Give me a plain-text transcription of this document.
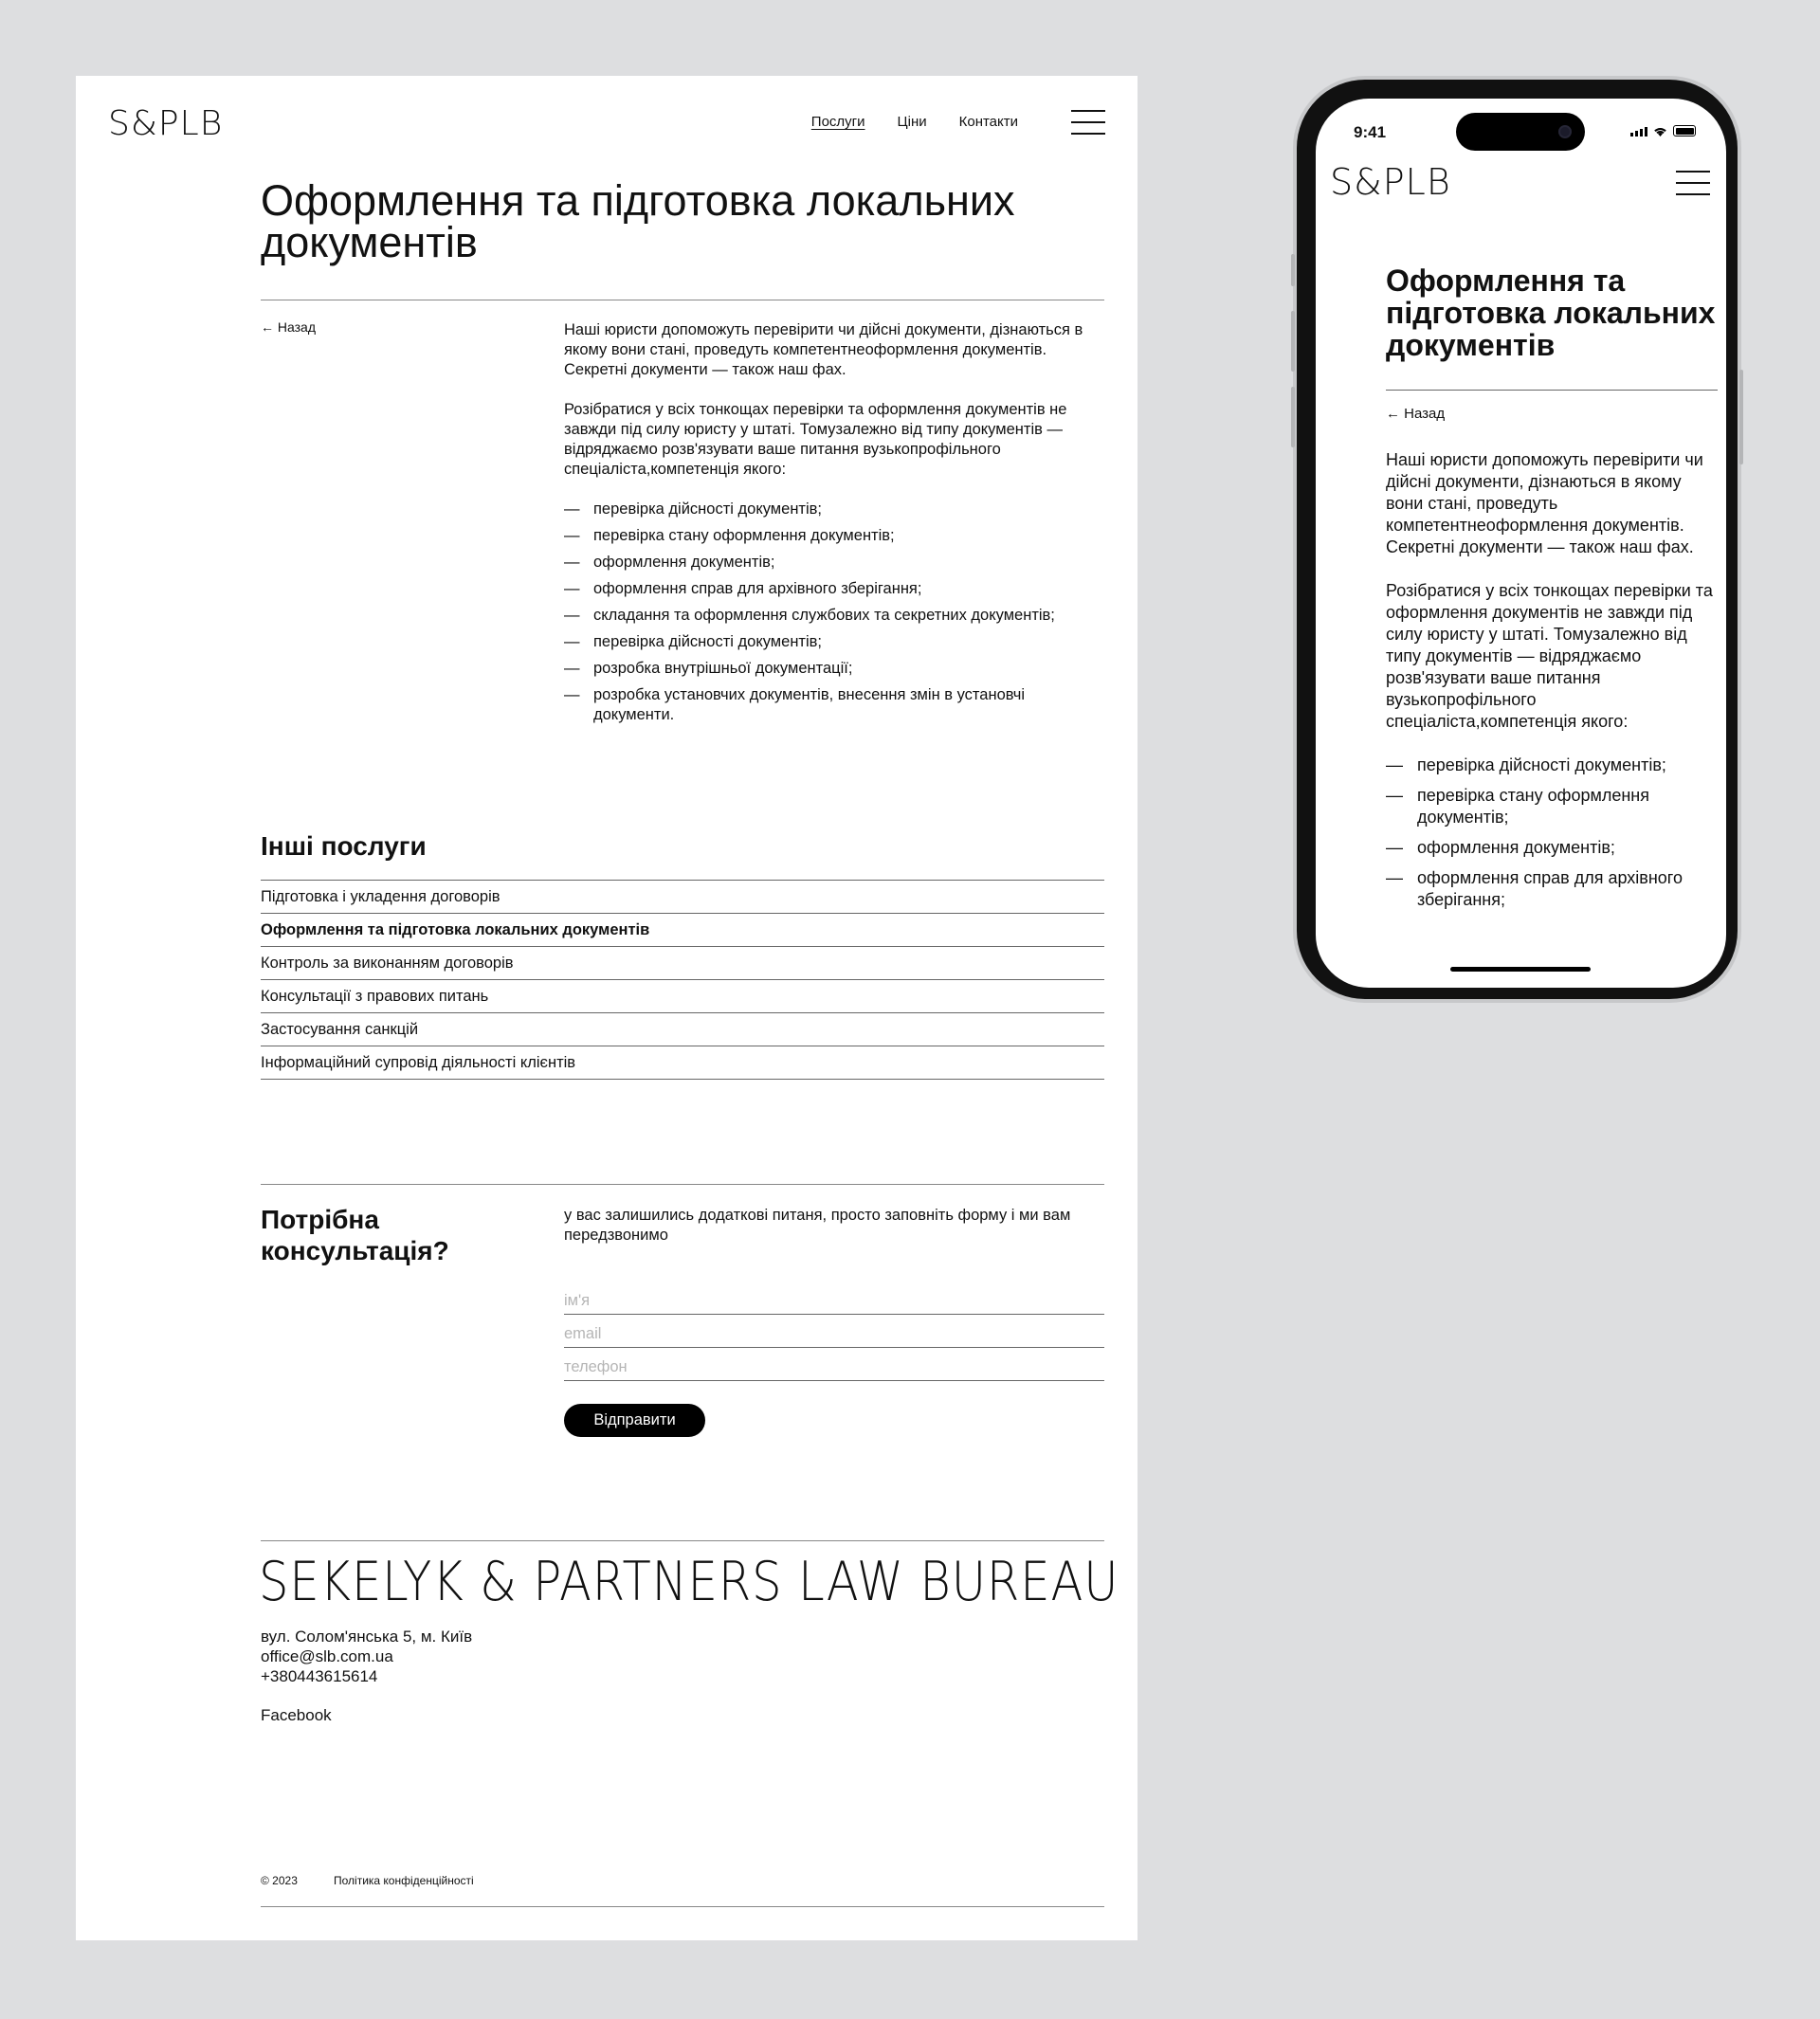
S&PLB	Послуги Ціни Контакти
Оформлення та підготовка локальних документів
← Назад	Наші юристи допоможуть перевірити чи дійсні документи, дізнаються в якому вони стані, проведуть компетентнеоформлення документів. Секретні документи — також наш фах.

Розібратися у всіх тонкощах перевірки та оформлення документів не завжди під силу юристу у штаті. Томузалежно від типу документів — відряджаємо розв'язувати ваше питання вузькопрофільного спеціаліста,компетенція якого:

— перевірка дійсності документів;
— перевірка стану оформлення документів;
— оформлення документів;
— оформлення справ для архівного зберігання;
— складання та оформлення службових та секретних документів;
— перевірка дійсності документів;
— розробка внутрішньої документації;
— розробка установчих документів, внесення змін в установчі документи.
Інші послуги
Підготовка і укладення договорів
Оформлення та підготовка локальних документів
Контроль за виконанням договорів
Консультації з правових питань
Застосування санкцій
Інформаційний супровід діяльності клієнтів
Потрібна консультація?
у вас залишились додаткові питаня, просто заповніть форму і ми вам передзвонимо
ім'я
email
телефон
Відправити
SEKELYK & PARTNERS LAW BUREAU
вул. Солом'янська 5, м. Київ
office@slb.com.ua
+380443615614
Facebook
© 2023	Політика конфіденційності
9:41
S&PLB
Оформлення та підготовка локальних документів
← Назад

Наші юристи допоможуть перевірити чи дійсні документи, дізнаються в якому вони стані, проведуть компетентнеоформлення документів. Секретні документи — також наш фах.

Розібратися у всіх тонкощах перевірки та оформлення документів не завжди під силу юристу у штаті. Томузалежно від типу документів — відряджаємо розв'язувати ваше питання вузькопрофільного спеціаліста,компетенція якого:

— перевірка дійсності документів;
— перевірка стану оформлення документів;
— оформлення документів;
— оформлення справ для архівного зберігання;
